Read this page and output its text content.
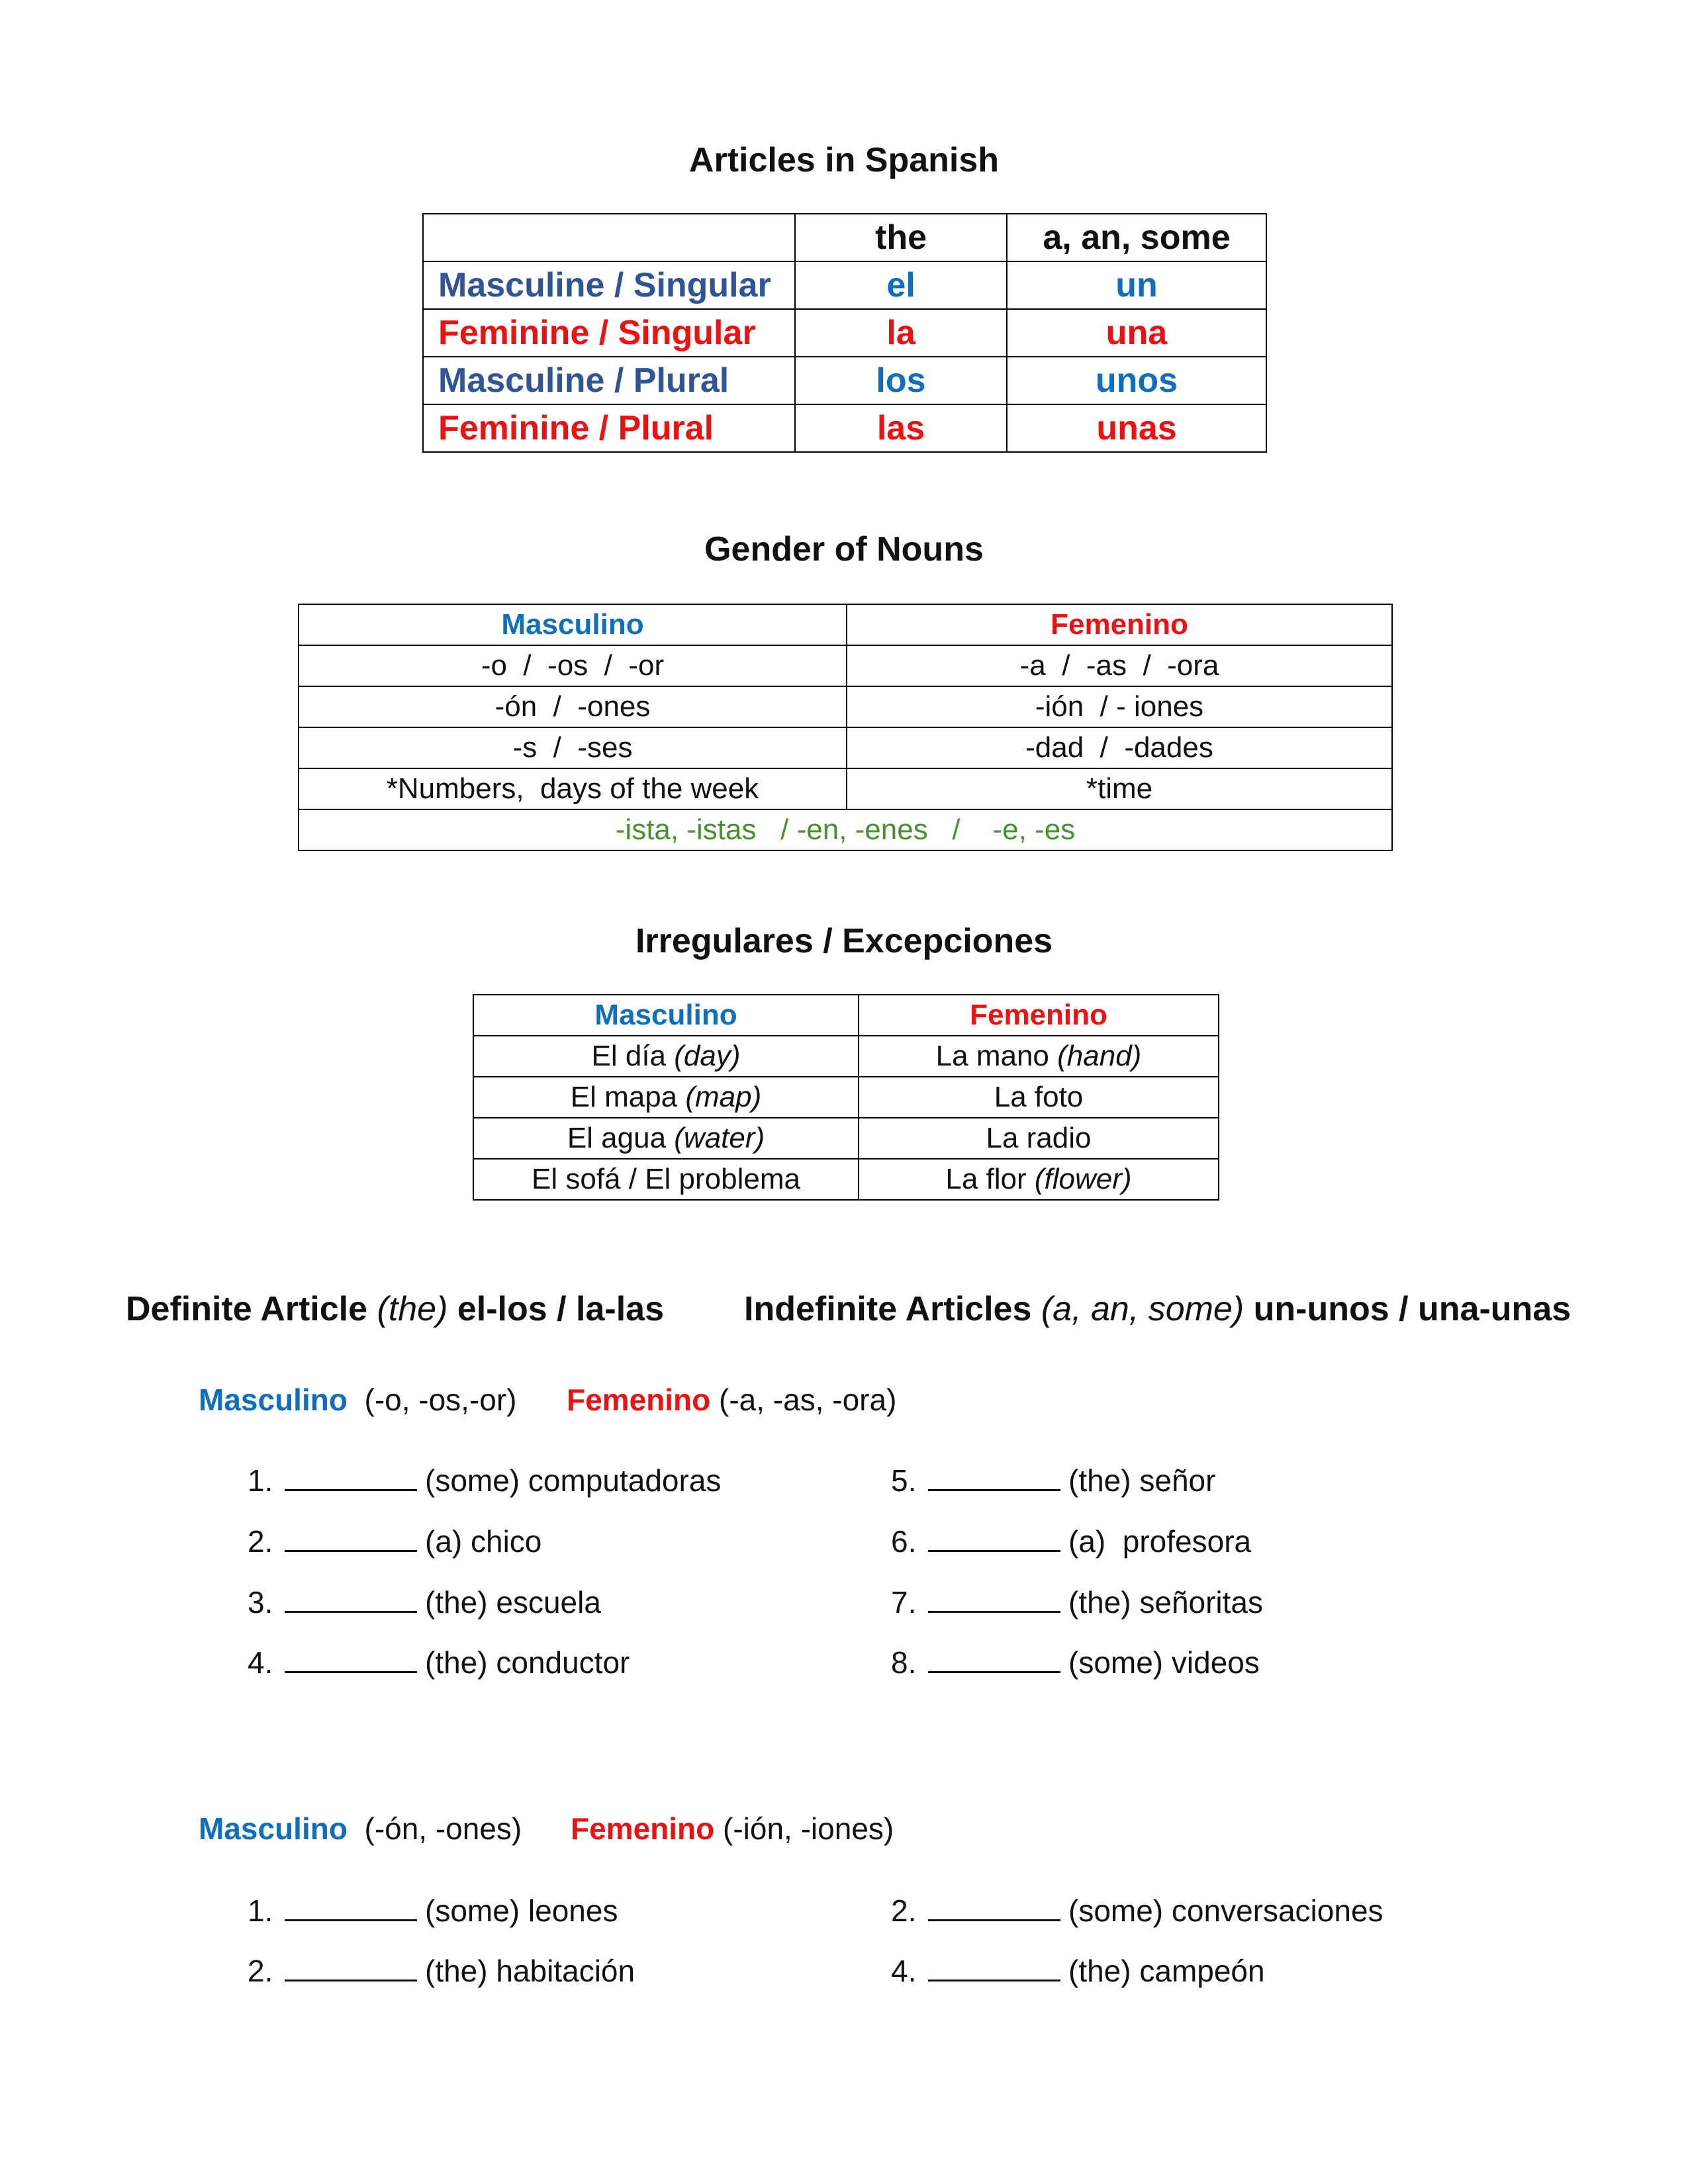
Articles in Spanish
	the	a, an, some
Masculine / Singular	el	un
Feminine / Singular	la	una
Masculine / Plural	los	unos
Feminine / Plural	las	unas
Gender of Nouns
Masculino	Femenino
-o  /  -os  /  -or	-a  /  -as  /  -ora
-ón  /  -ones	-ión  / - iones
-s  /  -ses	-dad  /  -dades
*Numbers,  days of the week	*time
-ista, -istas   / -en, -enes   /    -e, -es	
Irregulares / Excepciones
Masculino	Femenino
El día (day)	La mano (hand)
El mapa (map)	La foto
El agua (water)	La radio
El sofá / El problema	La flor (flower)
Definite Article (the) el-los / la-las Indefinite Articles (a, an, some) un-unos / una-unas
Masculino  (-o, -os,-or) Femenino (-a, -as, -ora)
1.	(some) computadoras
2.	(a) chico
3.	(the) escuela
4.	(the) conductor
5.	(the) señor
6.	(a)  profesora
7.	(the) señoritas
8.	(some) videos
Masculino  (-ón, -ones) Femenino (-ión, -iones)
1.	(some) leones
2.	(the) habitación
2.	(some) conversaciones
4.	(the) campeón
